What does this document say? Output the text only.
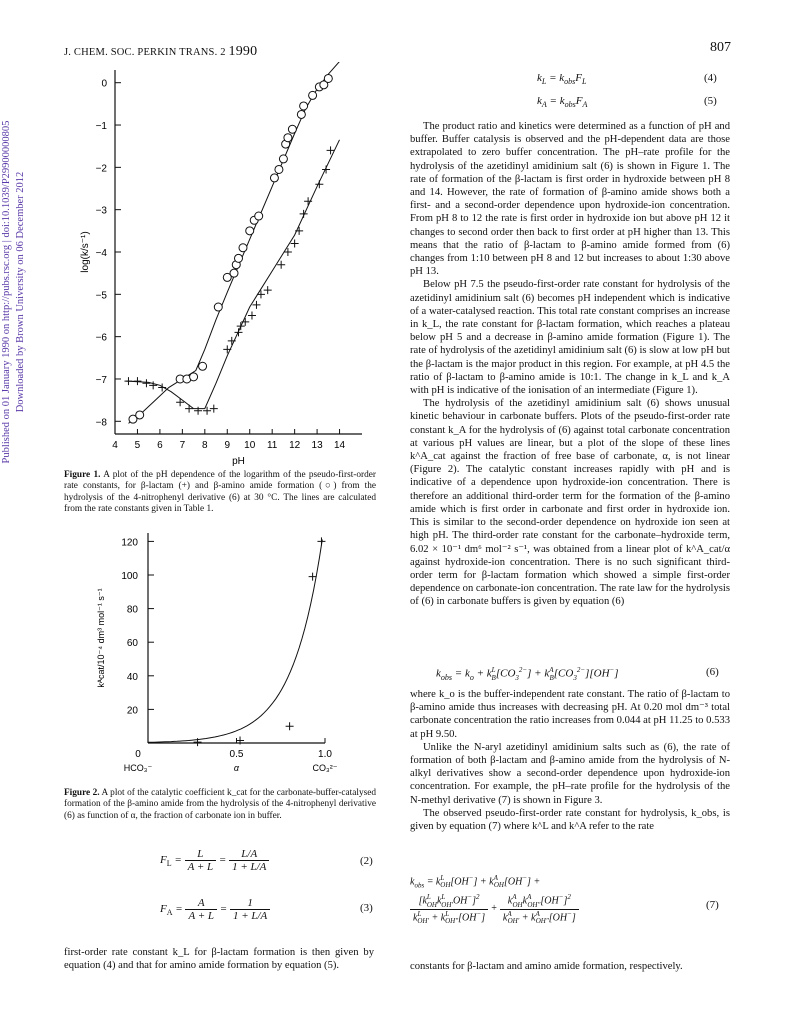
J. CHEM. SOC. PERKIN TRANS. 2 1990	807
Published on 01 January 1990 on http://pubs.rsc.org | doi:10.1039/P29900000805 Downloaded by Brown University on 06 December 2012
0
−1
−2
−3
−4
−5
−6
−7
−8
4 5 6 7 8 9 10 11 12 13 14
pH
log(k/s⁻¹)
Figure 1. A plot of the pH dependence of the logarithm of the pseudo-first-order rate constants, for β-lactam (+) and β-amino amide formation (○) from the hydrolysis of the 4-nitrophenyl derivative (6) at 30 °C. The lines are calculated from the rate constants given in Table 1.
20
40
60
80
100
120
0	0.5	1.0
HCO₃⁻	α	CO₃²⁻
kᴬcat/10⁻⁴ dm³ mol⁻¹ s⁻¹
Figure 2. A plot of the catalytic coefficient k_cat for the carbonate-buffer-catalysed formation of the β-amino amide from the hydrolysis of the 4-nitrophenyl derivative (6) as function of α, the fraction of carbonate ion in buffer.
$F_L = \frac{L}{A + L} = \frac{L/A}{1 + L/A}$	(2)
$F_A = \frac{A}{A + L} = \frac{1}{1 + L/A}$	(3)

first-order rate constant k_L for β-lactam formation is then given by equation (4) and that for amino amide formation by equation (5).

$k_L = k_{obs}F_L$	(4)
$k_A = k_{obs}F_A$	(5)

The product ratio and kinetics were determined as a function of pH and buffer. Buffer catalysis is observed and the pH-dependent data are those extrapolated to zero buffer concentration. The pH–rate profile for the hydrolysis of the azetidinyl amidinium salt (6) is shown in Figure 1. The rate of formation of the β-lactam is first order in hydroxide between pH 8 and 14. However, the rate of formation of β-amino amide shows both a first- and a second-order dependence upon hydroxide-ion concentration. From pH 8 to 12 the rate is first order in hydroxide ion but above pH 12 it changes to second order then back to first order at pH higher than 13. This means that the ratio of β-lactam to β-amino amide formed from (6) changes from 1:10 between pH 8 and 12 but increases to about 1:30 above pH 13.

Below pH 7.5 the pseudo-first-order rate constant for hydrolysis of the azetidinyl amidinium salt (6) becomes pH independent which is indicative of a water-catalysed reaction. This total rate constant comprises an increase in k_L, the rate constant for β-lactam formation, which reaches a plateau below pH 5 and a decrease in β-amino amide formation (Figure 1). The rate of hydrolysis of the azetidinyl amidinium salt (6) is slow at low pH but the β-lactam is the major product in this region. For example, at pH 4.5 the ratio of β-lactam to β-amino amide is 10:1. The change in k_L and k_A with pH is indicative of the ionisation of an intermediate (Figure 1).

The hydrolysis of the azetidinyl amidinium salt (6) shows unusual kinetic behaviour in carbonate buffers. Plots of the pseudo-first-order rate constant k_A for the hydrolysis of (6) against total carbonate concentration at various pH values are linear, but a plot of the slope of these lines k^A_cat against the fraction of free base of carbonate, α, is not linear (Figure 2). The catalytic constant increases rapidly with pH and is indicative of a dependence upon hydroxide-ion concentration. There is therefore an additional third-order term for the formation of the β-amino amide which is first order in carbonate and first order in hydroxide ion. This is similar to the second-order dependence on hydroxide ion seen at high pH. The third-order rate constant for the carbonate–hydroxide term, 6.02 × 10⁻¹ dm⁶ mol⁻² s⁻¹, was obtained from a linear plot of k^A_cat/α against hydroxide-ion concentration. There is no such significant third-order term for β-lactam formation which showed a simple first-order dependence on carbonate-ion concentration. The rate law for the hydrolysis of (6) in carbonate buffers is given by equation (6)

$k_{obs} = k_o + k^L_B[CO_3^{2-}] + k^A_B[CO_3^{2-}][OH^-]$	(6)

where k_o is the buffer-independent rate constant. The ratio of β-lactam to β-amino amide thus increases with decreasing pH. At 0.20 mol dm⁻³ total carbonate concentration the ratio increases from 0.044 at pH 11.25 to 0.533 at pH 9.50.

Unlike the N-aryl azetidinyl amidinium salts such as (6), the rate of formation of both β-lactam and β-amino amide from the hydrolysis of N-alkyl derivatives show a second-order dependence upon hydroxide-ion concentration. For example, the pH–rate profile for the hydrolysis of the N-methyl derivative (7) is shown in Figure 3.

The observed pseudo-first-order rate constant for hydrolysis, k_obs, is given by equation (7) where k^L and k^A refer to the rate

$k_{obs} = k^L_{OH}[OH^-] + k^A_{OH}[OH^-]$ +
$\frac{[k^L_{OH}k^L_{OH'}OH^-]^2}{k^L_{OH'} + k^L_{OH''}[OH^-]} + \frac{k^A_{OH}k^A_{OH''}[OH^-]^2}{k^A_{OH'} + k^A_{OH''}[OH^-]}$	(7)

constants for β-lactam and amino amide formation, respectively.
